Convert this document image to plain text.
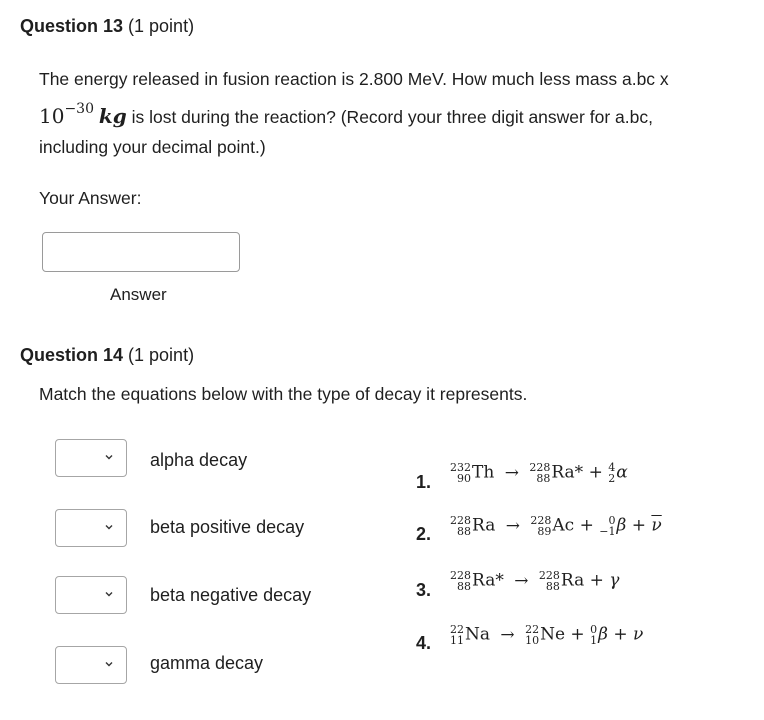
Question 13 (1 point)
The energy released in fusion reaction is 2.800 MeV. How much less mass a.bc x
$10^{-30}$ kg is lost during the reaction? (Record your three digit answer for a.bc,
including your decimal point.)
Your Answer:
Answer
Question 14 (1 point)
Match the equations below with the type of decay it represents.
alpha decay
beta positive decay
beta negative decay
gamma decay
1.
232
90 Th → 228
88 Ra* + 4
2 α
2.
228
88 Ra → 228
89 Ac +	0
−1 $\beta + \overline{\nu}$
3.
228
88 Ra* → 228
88 Ra + γ
4.
22
11 Na → 22
10 Ne + 0
1 β + ν
